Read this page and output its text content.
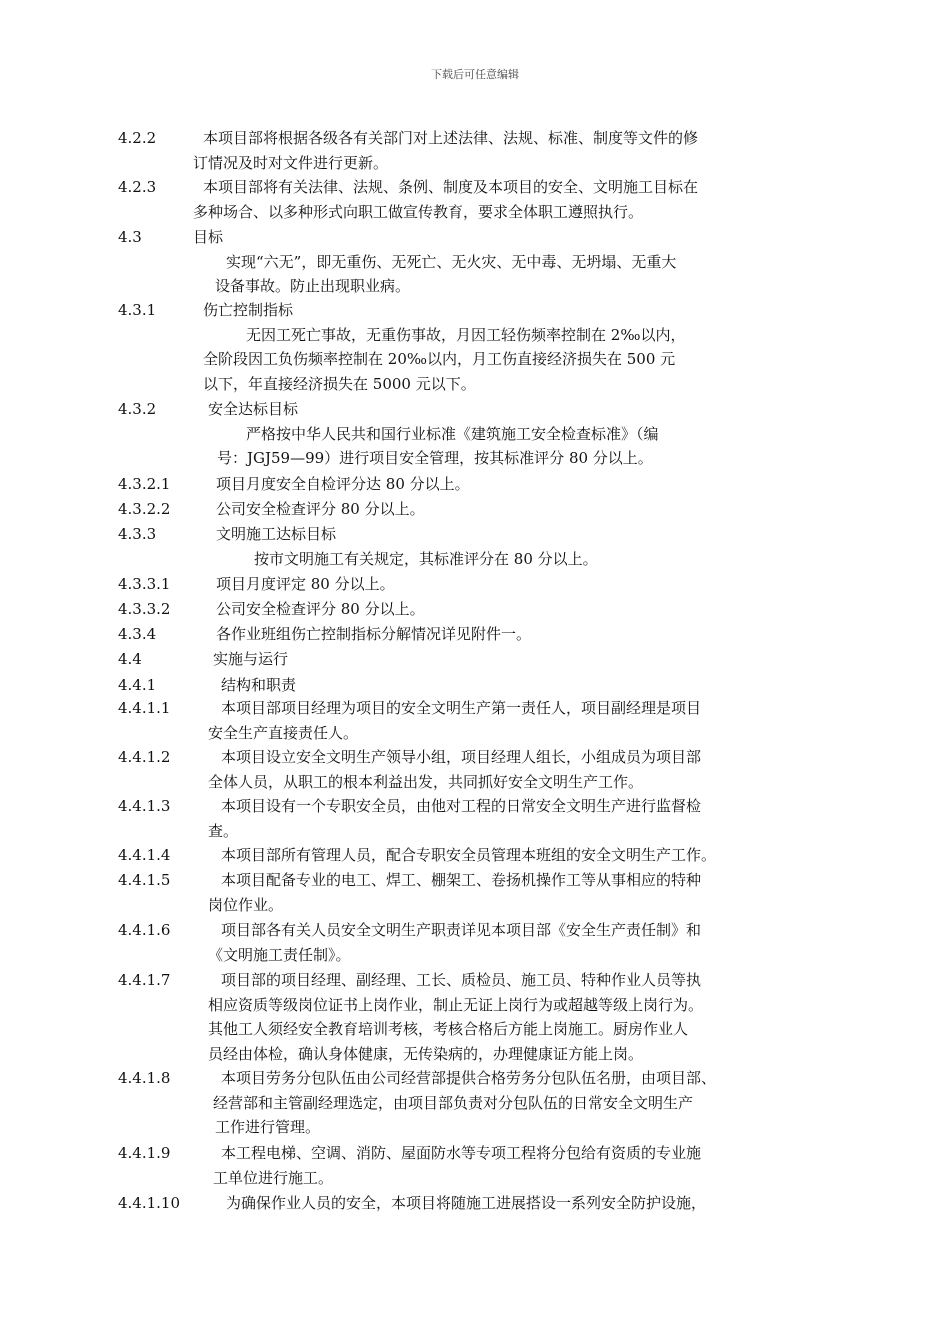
下载后可任意编辑
4.2.2	本项目部将根据各级各有关部门对上述法律、法规、标准、制度等文件的修
订情况及时对文件进行更新。
4.2.3	本项目部将有关法律、法规、条例、制度及本项目的安全、文明施工目标在
多种场合、以多种形式向职工做宣传教育，要求全体职工遵照执行。
4.3	目标
实现“六无”，即无重伤、无死亡、无火灾、无中毒、无坍塌、无重大
设备事故。防止出现职业病。
4.3.1	伤亡控制指标
无因工死亡事故，无重伤事故，月因工轻伤频率控制在 2‰以内，
全阶段因工负伤频率控制在 20‰以内，月工伤直接经济损失在 500 元
以下，年直接经济损失在 5000 元以下。
4.3.2	安全达标目标
严格按中华人民共和国行业标准《建筑施工安全检查标准》（编
号：JGJ59—99）进行项目安全管理，按其标准评分 80 分以上。
4.3.2.1	项目月度安全自检评分达 80 分以上。
4.3.2.2	公司安全检查评分 80 分以上。
4.3.3	文明施工达标目标
按市文明施工有关规定，其标准评分在 80 分以上。
4.3.3.1	项目月度评定 80 分以上。
4.3.3.2	公司安全检查评分 80 分以上。
4.3.4	各作业班组伤亡控制指标分解情况详见附件一。
4.4	实施与运行
4.4.1	结构和职责
4.4.1.1	本项目部项目经理为项目的安全文明生产第一责任人，项目副经理是项目
安全生产直接责任人。
4.4.1.2	本项目设立安全文明生产领导小组，项目经理人组长，小组成员为项目部
全体人员，从职工的根本利益出发，共同抓好安全文明生产工作。
4.4.1.3	本项目设有一个专职安全员，由他对工程的日常安全文明生产进行监督检
查。
4.4.1.4	本项目部所有管理人员，配合专职安全员管理本班组的安全文明生产工作。
4.4.1.5	本项目配备专业的电工、焊工、棚架工、卷扬机操作工等从事相应的特种
岗位作业。
4.4.1.6	项目部各有关人员安全文明生产职责详见本项目部《安全生产责任制》和
《文明施工责任制》。
4.4.1.7	项目部的项目经理、副经理、工长、质检员、施工员、特种作业人员等执
相应资质等级岗位证书上岗作业，制止无证上岗行为或超越等级上岗行为。
其他工人须经安全教育培训考核，考核合格后方能上岗施工。厨房作业人
员经由体检，确认身体健康，无传染病的，办理健康证方能上岗。
4.4.1.8	本项目劳务分包队伍由公司经营部提供合格劳务分包队伍名册，由项目部、
经营部和主管副经理选定，由项目部负责对分包队伍的日常安全文明生产
工作进行管理。
4.4.1.9	本工程电梯、空调、消防、屋面防水等专项工程将分包给有资质的专业施
工单位进行施工。
4.4.1.10	为确保作业人员的安全，本项目将随施工进展搭设一系列安全防护设施，
